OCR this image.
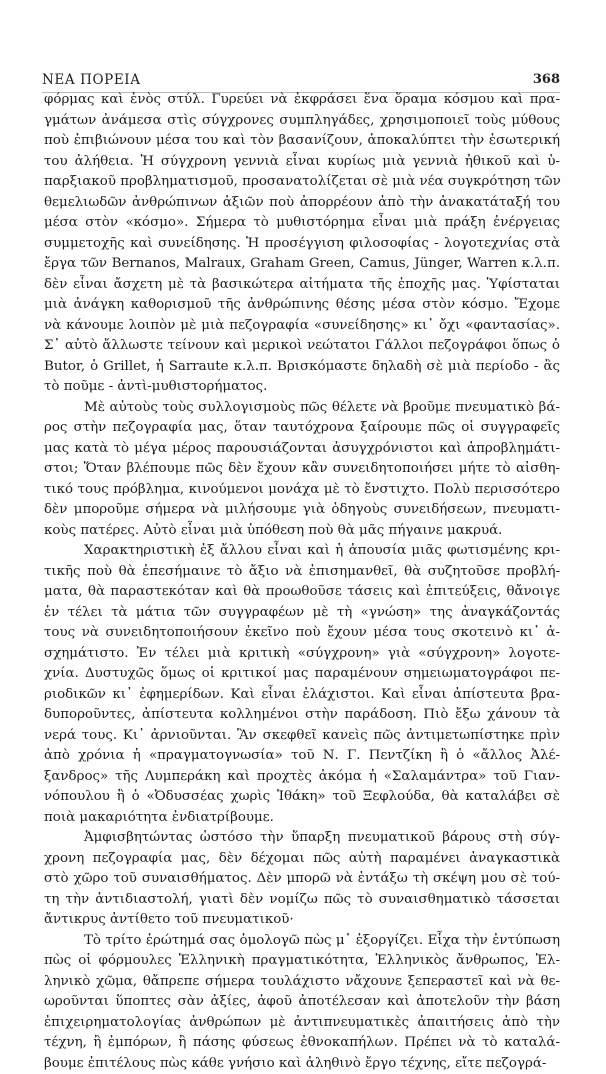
ΝΕΑ ΠΟΡΕΙΑ	368
φόρμας καὶ ἑνὸς στύλ. Γυρεύει νὰ ἐκφράσει ἕνα ὅραμα κόσμου καὶ πρα-
γμάτων ἀνάμεσα στὶς σύγχρονες συμπληγάδες, χρησιμοποιεῖ τοὺς μύθους
ποὺ ἐπιβιώνουν μέσα του καὶ τὸν βασανίζουν, ἀποκαλύπτει τὴν ἐσωτερική
του ἀλήθεια. Ἡ σύγχρονη γεννιὰ εἶναι κυρίως μιὰ γεννιὰ ἠθικοῦ καὶ ὑ-
παρξιακοῦ προβληματισμοῦ, προσανατολίζεται σὲ μιὰ νέα συγκρότηση τῶν
θεμελιωδῶν ἀνθρώπινων ἀξιῶν ποὺ ἀπορρέουν ἀπὸ τὴν ἀνακατάταξή του
μέσα στὸν «κόσμο». Σήμερα τὸ μυθιστόρημα εἶναι μιὰ πράξη ἐνέργειας
συμμετοχῆς καὶ συνείδησης. Ἡ προσέγγιση φιλοσοφίας - λογοτεχνίας στὰ
ἔργα τῶν Bernanos, Malraux, Graham Green, Camus, Jünger, Warren κ.λ.π.
δὲν εἶναι ἄσχετη μὲ τὰ βασικώτερα αἰτήματα τῆς ἐποχῆς μας. Ὑφίσταται
μιὰ ἀνάγκη καθορισμοῦ τῆς ἀνθρώπινης θέσης μέσα στὸν κόσμο. Ἔχομε
νὰ κάνουμε λοιπὸν μὲ μιὰ πεζογραφία «συνείδησης» κι᾽ ὄχι «φαντασίας».
Σ᾽ αὐτὸ ἄλλωστε τείνουν καὶ μερικοὶ νεώτατοι Γάλλοι πεζογράφοι ὅπως ὁ
Butor, ὁ Grillet, ἡ Sarraute κ.λ.π. Βρισκόμαστε δηλαδὴ σὲ μιὰ περίοδο - ἂς
τὸ ποῦμε - ἀντὶ-μυθιστορήματος.
Μὲ αὐτοὺς τοὺς συλλογισμοὺς πῶς θέλετε νὰ βροῦμε πνευματικὸ βά-
ρος στὴν πεζογραφία μας, ὅταν ταυτόχρονα ξαίρουμε πῶς οἱ συγγραφεῖς
μας κατὰ τὸ μέγα μέρος παρουσιάζονται ἀσυγχρόνιστοι καὶ ἀπροβλημάτι-
στοι; Ὅταν βλέπουμε πῶς δὲν ἔχουν κἂν συνειδητοποιήσει μήτε τὸ αἰσθη-
τικό τους πρόβλημα, κινούμενοι μονάχα μὲ τὸ ἔνστιχτο. Πολὺ περισσότερο
δὲν μποροῦμε σήμερα νὰ μιλήσουμε γιὰ ὁδηγοὺς συνειδήσεων, πνευματι-
κοὺς πατέρες. Αὐτὸ εἶναι μιὰ ὑπόθεση ποὺ θὰ μᾶς πήγαινε μακρυά.
Χαρακτηριστικὴ ἐξ ἄλλου εἶναι καὶ ἡ ἀπουσία μιᾶς φωτισμένης κρι-
τικῆς ποὺ θὰ ἐπεσήμαινε τὸ ἄξιο νὰ ἐπισημανθεῖ, θὰ συζητοῦσε προβλή-
ματα, θὰ παραστεκόταν καὶ θὰ προωθοῦσε τάσεις καὶ ἐπιτεύξεις, θἄνοιγε
ἐν τέλει τὰ μάτια τῶν συγγραφέων μὲ τὴ «γνώση» της ἀναγκάζοντάς
τους νὰ συνειδητοποιήσουν ἐκεῖνο ποὺ ἔχουν μέσα τους σκοτεινὸ κι᾽ ἀ-
σχημάτιστο. Ἐν τέλει μιὰ κριτικὴ «σύγχρονη» γιὰ «σύγχρονη» λογοτε-
χνία. Δυστυχῶς ὅμως οἱ κριτικοί μας παραμένουν σημειωματογράφοι πε-
ριοδικῶν κι᾽ ἐφημερίδων. Καὶ εἶναι ἐλάχιστοι. Καὶ εἶναι ἀπίστευτα βρα-
δυποροῦντες, ἀπίστευτα κολλημένοι στὴν παράδοση. Πιὸ ἔξω χάνουν τὰ
νερά τους. Κι᾽ ἀρνιοῦνται. Ἂν σκεφθεῖ κανεὶς πῶς ἀντιμετωπίστηκε πρὶν
ἀπὸ χρόνια ἡ «πραγματογνωσία» τοῦ Ν. Γ. Πεντζίκη ἢ ὁ «ἄλλος Ἀλέ-
ξανδρος» τῆς Λυμπεράκη καὶ προχτὲς ἀκόμα ἡ «Σαλαμάντρα» τοῦ Γιαν-
νόπουλου ἢ ὁ «Ὀδυσσέας χωρὶς Ἰθάκη» τοῦ Ξεφλούδα, θὰ καταλάβει σὲ
ποιὰ μακαριότητα ἐνδιατρίβουμε.
Ἀμφισβητώντας ὡστόσο τὴν ὕπαρξη πνευματικοῦ βάρους στὴ σύγ-
χρονη πεζογραφία μας, δὲν δέχομαι πῶς αὐτὴ παραμένει ἀναγκαστικὰ
στὸ χῶρο τοῦ συναισθήματος. Δὲν μπορῶ νὰ ἐντάξω τὴ σκέψη μου σὲ τού-
τη τὴν ἀντιδιαστολή, γιατὶ δὲν νομίζω πῶς τὸ συναισθηματικὸ τάσσεται
ἄντικρυς ἀντίθετο τοῦ πνευματικοῦ·
Τὸ τρίτο ἐρώτημά σας ὁμολογῶ πὼς μ᾽ ἐξοργίζει. Εἶχα τὴν ἐντύπωση
πὼς οἱ φόρμουλες Ἑλληνικὴ πραγματικότητα, Ἑλληνικὸς ἄνθρωπος, Ἑλ-
ληνικὸ χῶμα, θἄπρεπε σήμερα τουλάχιστο νἄχουνε ξεπεραστεῖ καὶ νὰ θε-
ωροῦνται ὕποπτες σὰν ἀξίες, ἀφοῦ ἀποτέλεσαν καὶ ἀποτελοῦν τὴν βάση
ἐπιχειρηματολογίας ἀνθρώπων μὲ ἀντιπνευματικὲς ἀπαιτήσεις ἀπὸ τὴν
τέχνη, ἢ ἐμπόρων, ἢ πάσης φύσεως ἐθνοκαπήλων. Πρέπει νὰ τὸ καταλά-
βουμε ἐπιτέλους πὼς κάθε γνήσιο καὶ ἀληθινὸ ἔργο τέχνης, εἴτε πεζογρά-
